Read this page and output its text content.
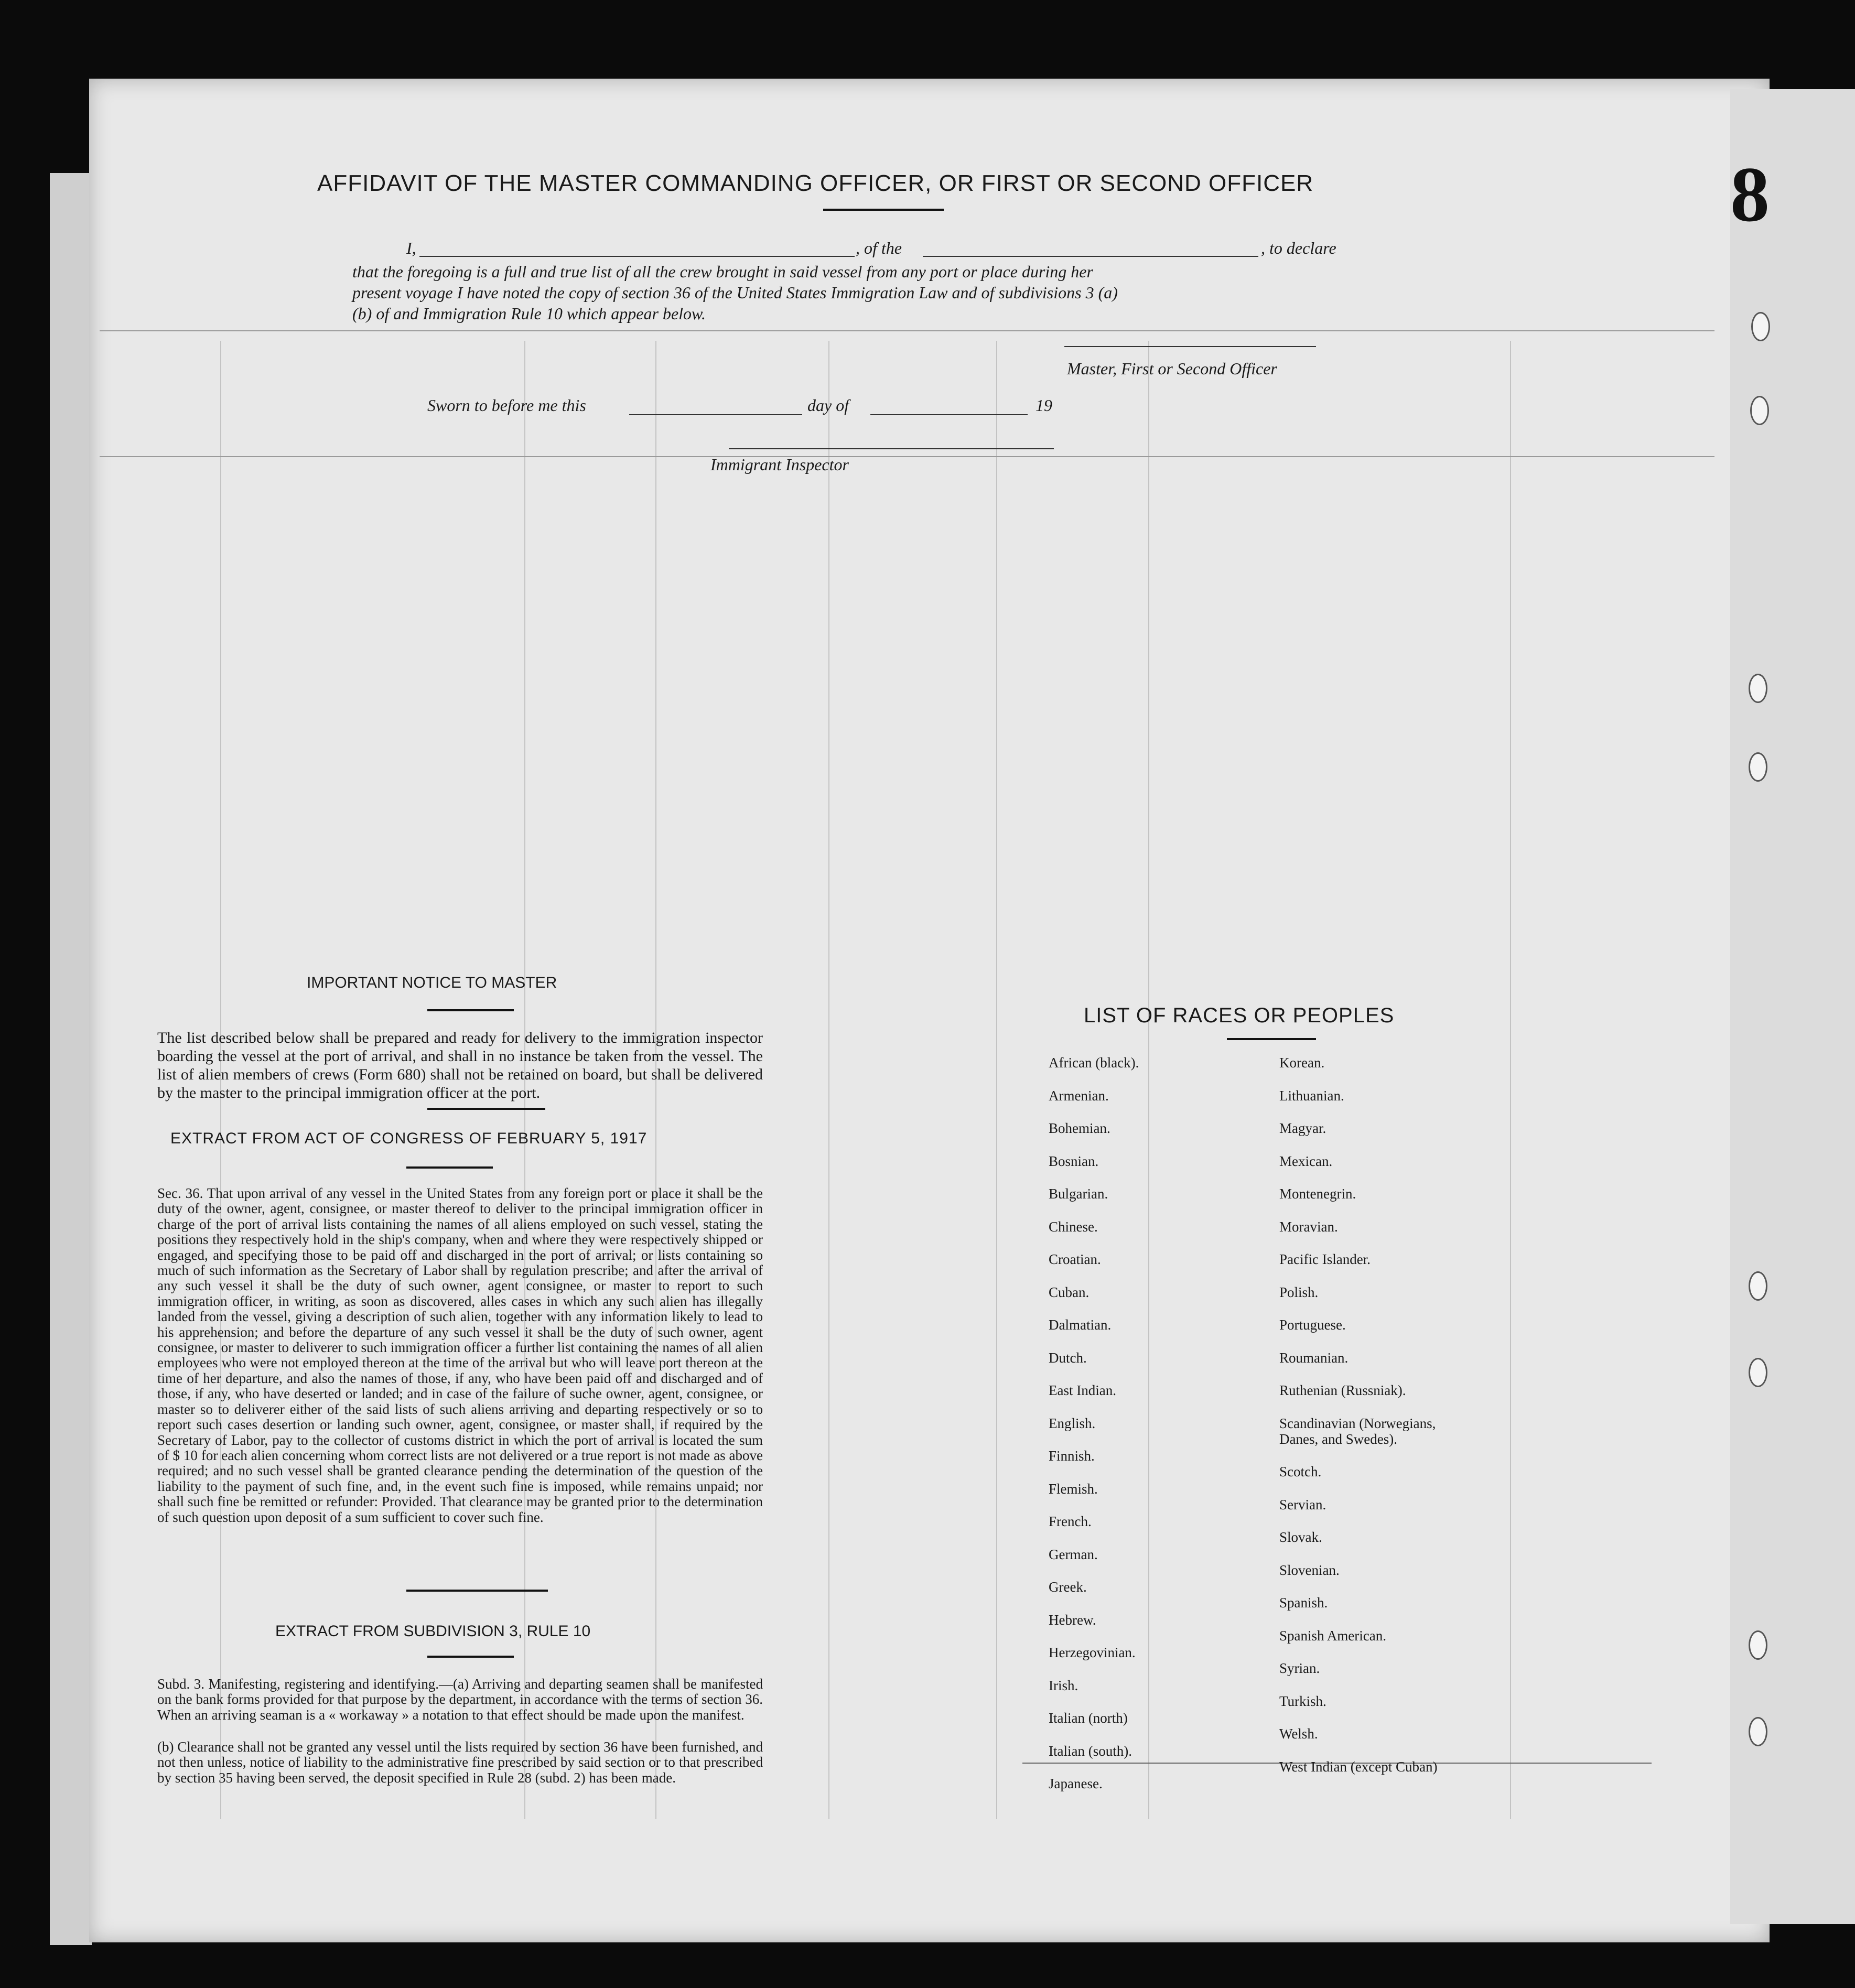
8
AFFIDAVIT OF THE MASTER COMMANDING OFFICER, OR FIRST OR SECOND OFFICER
I,	, of the	, to declare
that the foregoing is a full and true list of all the crew brought in said vessel from any port or place during her
present voyage I have noted the copy of section 36 of the United States Immigration Law and of subdivisions 3 (a)
(b) of and Immigration Rule 10 which appear below.
Master, First or Second Officer
Sworn to before me this	day of	19
Immigrant Inspector
IMPORTANT NOTICE TO MASTER
The list described below shall be prepared and ready for delivery to the immigration inspector boarding the vessel at the port of arrival, and shall in no instance be taken from the vessel. The list of alien members of crews (Form 680) shall not be retained on board, but shall be delivered by the master to the principal immigration officer at the port.
EXTRACT FROM ACT OF CONGRESS OF FEBRUARY 5, 1917
Sec. 36. That upon arrival of any vessel in the United States from any foreign port or place it shall be the duty of the owner, agent, consignee, or master thereof to deliver to the principal immigration officer in charge of the port of arrival lists containing the names of all aliens employed on such vessel, stating the positions they respectively hold in the ship's company, when and where they were respectively shipped or engaged, and specifying those to be paid off and discharged in the port of arrival; or lists containing so much of such information as the Secretary of Labor shall by regulation prescribe; and after the arrival of any such vessel it shall be the duty of such owner, agent consignee, or master to report to such immigration officer, in writing, as soon as discovered, alles cases in which any such alien has illegally landed from the vessel, giving a description of such alien, together with any information likely to lead to his apprehension; and before the departure of any such vessel it shall be the duty of such owner, agent consignee, or master to deliverer to such immigration officer a further list containing the names of all alien employees who were not employed thereon at the time of the arrival but who will leave port thereon at the time of her departure, and also the names of those, if any, who have been paid off and discharged and of those, if any, who have deserted or landed; and in case of the failure of suche owner, agent, consignee, or master so to deliverer either of the said lists of such aliens arriving and departing respectively or so to report such cases desertion or landing such owner, agent, consignee, or master shall, if required by the Secretary of Labor, pay to the collector of customs district in which the port of arrival is located the sum of $ 10 for each alien concerning whom correct lists are not delivered or a true report is not made as above required; and no such vessel shall be granted clearance pending the determination of the question of the liability to the payment of such fine, and, in the event such fine is imposed, while remains unpaid; nor shall such fine be remitted or refunder: Provided. That clearance may be granted prior to the determination of such question upon deposit of a sum sufficient to cover such fine.
EXTRACT FROM SUBDIVISION 3, RULE 10
Subd. 3. Manifesting, registering and identifying.—(a) Arriving and departing seamen shall be manifested on the bank forms provided for that purpose by the department, in accordance with the terms of section 36. When an arriving seaman is a « workaway » a notation to that effect should be made upon the manifest.
(b) Clearance shall not be granted any vessel until the lists required by section 36 have been furnished, and not then unless, notice of liability to the administrative fine prescribed by said section or to that prescribed by section 35 having been served, the deposit specified in Rule 28 (subd. 2) has been made.
LIST OF RACES OR PEOPLES
African (black).
Armenian.
Bohemian.
Bosnian.
Bulgarian.
Chinese.
Croatian.
Cuban.
Dalmatian.
Dutch.
East Indian.
English.
Finnish.
Flemish.
French.
German.
Greek.
Hebrew.
Herzegovinian.
Irish.
Italian (north)
Italian (south).
Japanese.
Korean.
Lithuanian.
Magyar.
Mexican.
Montenegrin.
Moravian.
Pacific Islander.
Polish.
Portuguese.
Roumanian.
Ruthenian (Russniak).
Scandinavian (Norwegians,
Danes, and Swedes).
Scotch.
Servian.
Slovak.
Slovenian.
Spanish.
Spanish American.
Syrian.
Turkish.
Welsh.
West Indian (except Cuban)
